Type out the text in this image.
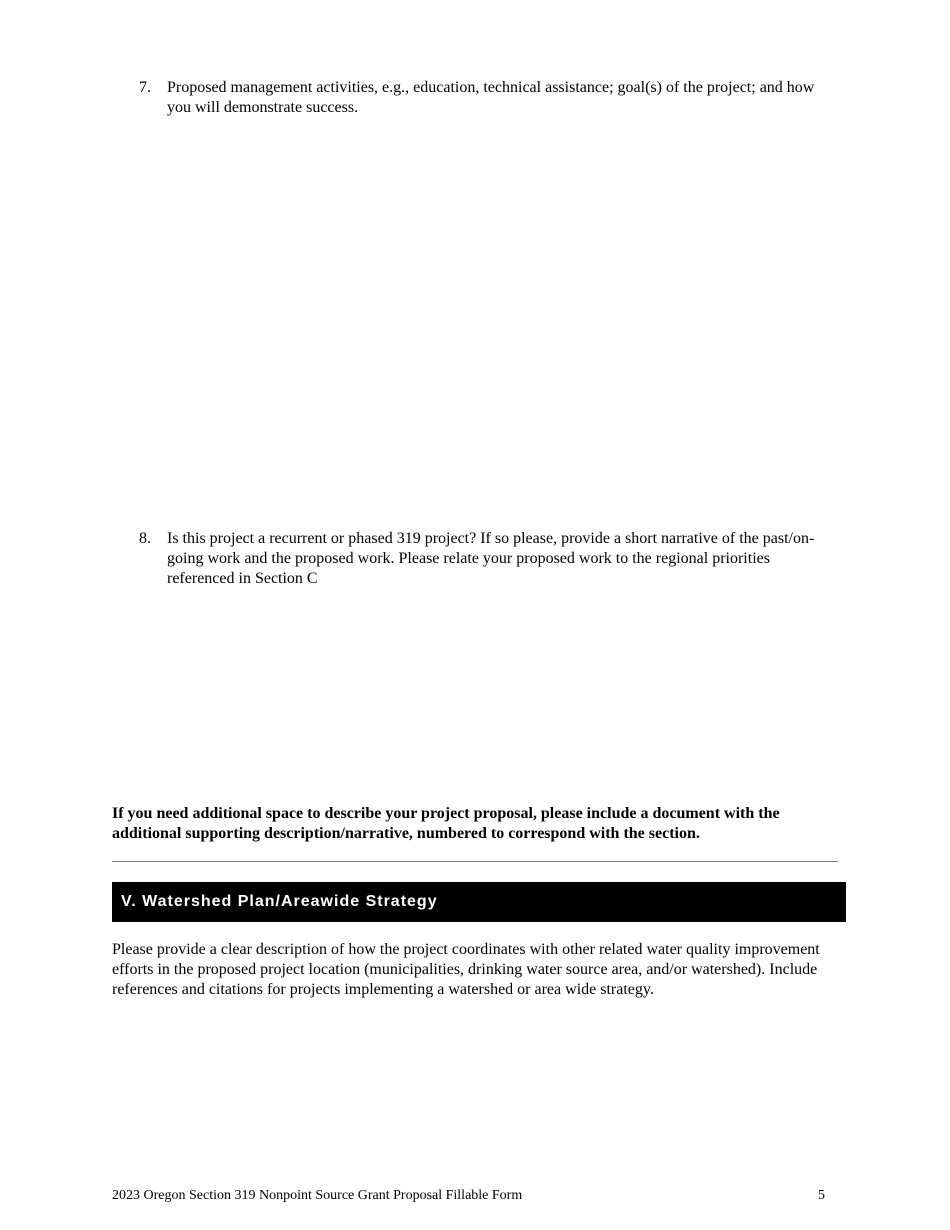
7. Proposed management activities, e.g., education, technical assistance; goal(s) of the project; and how you will demonstrate success.
8. Is this project a recurrent or phased 319 project? If so please, provide a short narrative of the past/on-going work and the proposed work. Please relate your proposed work to the regional priorities referenced in Section C
If you need additional space to describe your project proposal, please include a document with the additional supporting description/narrative, numbered to correspond with the section.
V. Watershed Plan/Areawide Strategy
Please provide a clear description of how the project coordinates with other related water quality improvement efforts in the proposed project location (municipalities, drinking water source area, and/or watershed). Include references and citations for projects implementing a watershed or area wide strategy.
2023 Oregon Section 319 Nonpoint Source Grant Proposal Fillable Form	5
